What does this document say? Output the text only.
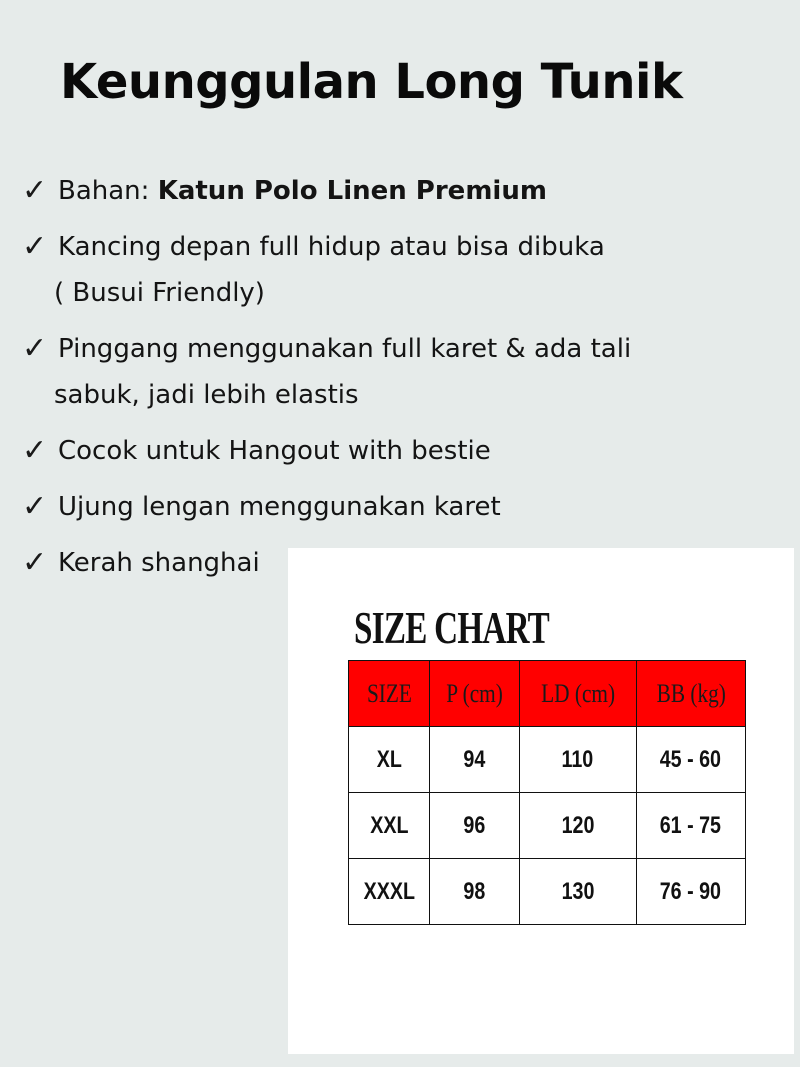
Keunggulan Long Tunik
✓ Bahan: Katun Polo Linen Premium
✓ Kancing depan full hidup atau bisa dibuka
( Busui Friendly)
✓ Pinggang menggunakan full karet & ada tali
sabuk, jadi lebih elastis
✓ Cocok untuk Hangout with bestie
✓ Ujung lengan menggunakan karet
✓ Kerah shanghai
SIZE CHART
SIZE	P (cm)	LD (cm)	BB (kg)
XL	94	110	45 - 60
XXL	96	120	61 - 75
XXXL	98	130	76 - 90
